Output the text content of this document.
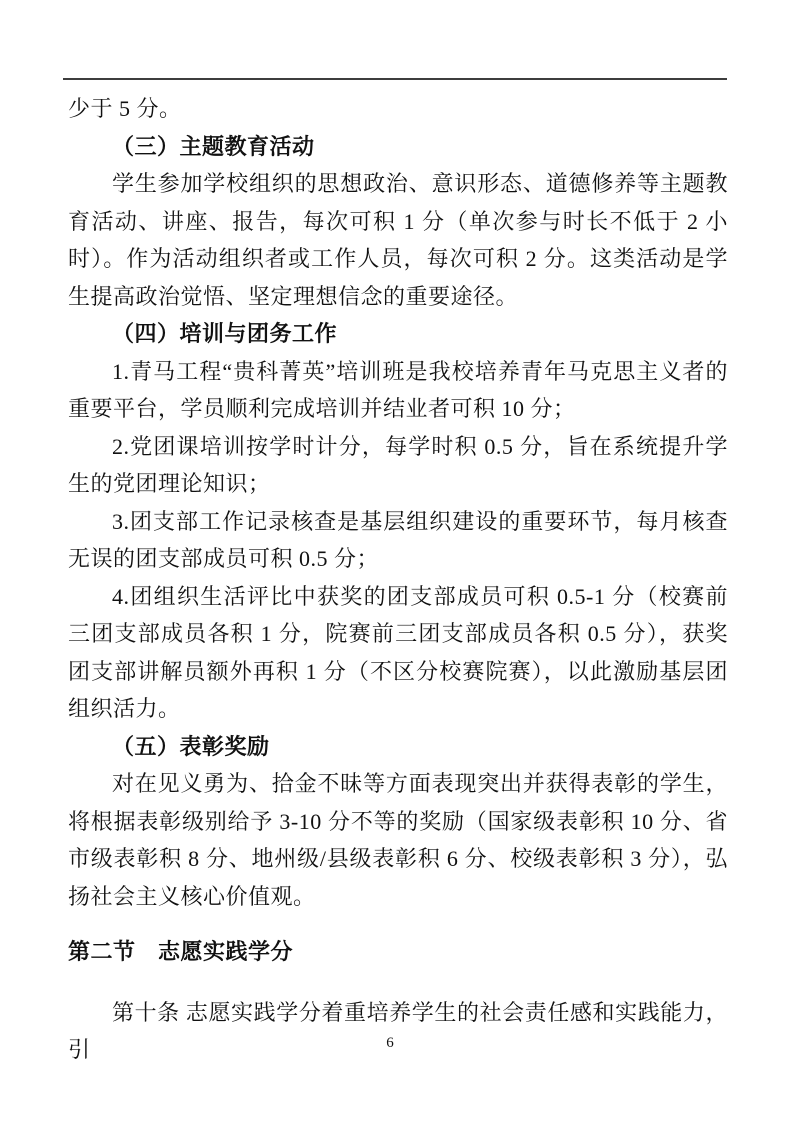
少于 5 分。

（三）主题教育活动

学生参加学校组织的思想政治、意识形态、道德修养等主题教育活动、讲座、报告，每次可积 1 分（单次参与时长不低于 2 小时）。作为活动组织者或工作人员，每次可积 2 分。这类活动是学生提高政治觉悟、坚定理想信念的重要途径。

（四）培训与团务工作

1.青马工程“贵科菁英”培训班是我校培养青年马克思主义者的重要平台，学员顺利完成培训并结业者可积 10 分；

2.党团课培训按学时计分，每学时积 0.5 分，旨在系统提升学生的党团理论知识；

3.团支部工作记录核查是基层组织建设的重要环节，每月核查无误的团支部成员可积 0.5 分；

4.团组织生活评比中获奖的团支部成员可积 0.5-1 分（校赛前三团支部成员各积 1 分，院赛前三团支部成员各积 0.5 分），获奖团支部讲解员额外再积 1 分（不区分校赛院赛），以此激励基层团组织活力。

（五）表彰奖励

对在见义勇为、拾金不昧等方面表现突出并获得表彰的学生，将根据表彰级别给予 3-10 分不等的奖励（国家级表彰积 10 分、省市级表彰积 8 分、地州级/县级表彰积 6 分、校级表彰积 3 分），弘扬社会主义核心价值观。

第二节　志愿实践学分

第十条 志愿实践学分着重培养学生的社会责任感和实践能力，引	6
